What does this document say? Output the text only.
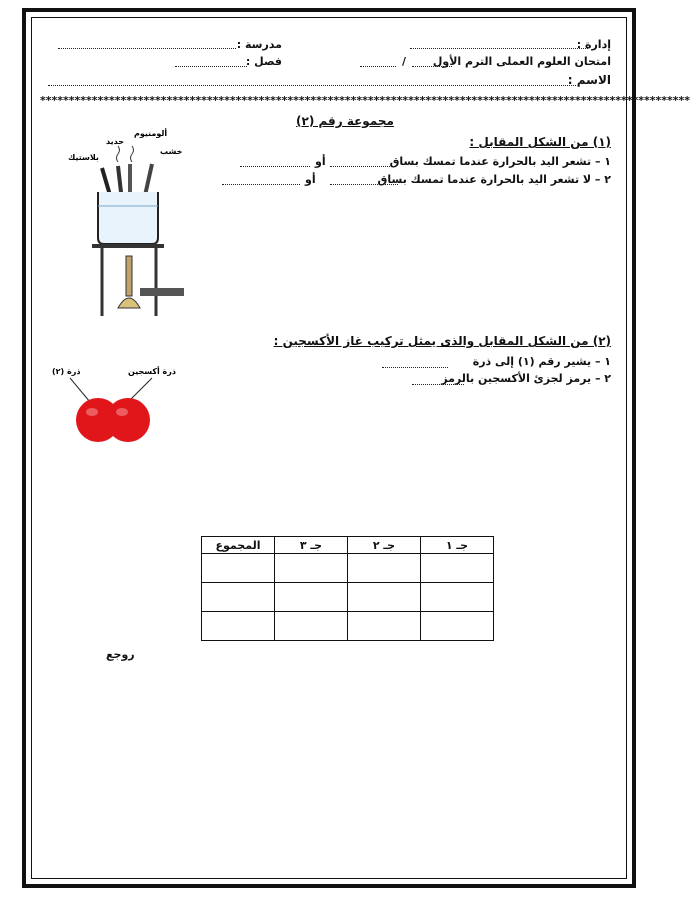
إدارة :
مدرسة :
امتحان العلوم العملى الترم الأول
/
فصل :
الاسم :
*****************************************************************************************************************
مجموعة رقم (٢)
(١) من الشكل المقابل :
١ – تشعر اليد بالحرارة عندما تمسك بساق
أو
٢ – لا تشعر اليد بالحرارة عندما تمسك بساق
أو
ألومنيوم
حديد
خشب
بلاستيك
(٢) من الشكل المقابل والذى يمثل تركيب غاز الأكسجين :
١ – يشير رقم (١) إلى ذرة
٢ – يرمز لجزئ الأكسجين بالرمز
ذرة (٢)	ذرة أكسجين
جـ ١	جـ ٢	جـ ٣	المجموع

روجع
